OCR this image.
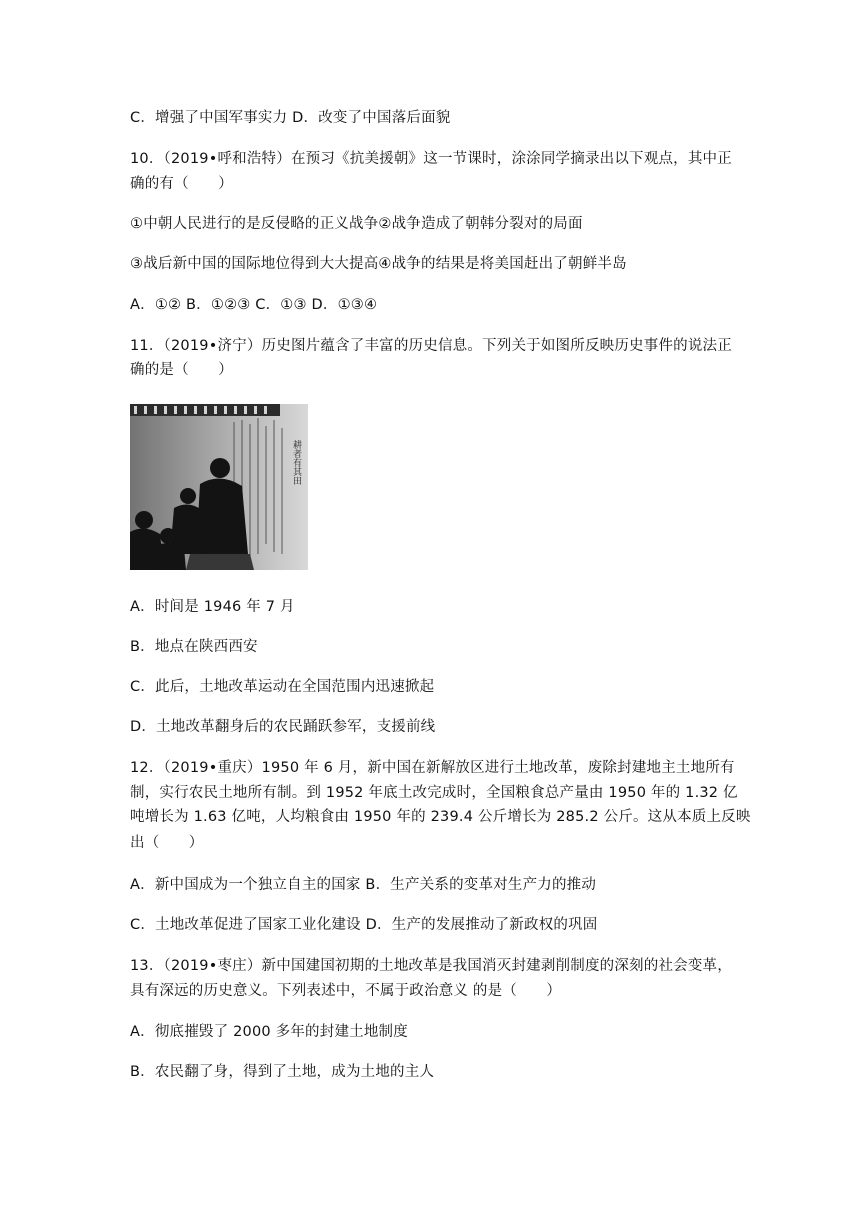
C．增强了中国军事实力 D．改变了中国落后面貌
10．（2019•呼和浩特）在预习《抗美援朝》这一节课时，涂涂同学摘录出以下观点，其中正
确的有（　　）
①中朝人民进行的是反侵略的正义战争②战争造成了朝韩分裂对的局面
③战后新中国的国际地位得到大大提高④战争的结果是将美国赶出了朝鲜半岛
A．①② B．①②③ C．①③ D．①③④
11．（2019•济宁）历史图片蕴含了丰富的历史信息。下列关于如图所反映历史事件的说法正
确的是（　　）
耕者有其田
A．时间是 1946 年 7 月
B．地点在陕西西安
C．此后，土地改革运动在全国范围内迅速掀起
D．土地改革翻身后的农民踊跃参军，支援前线
12．（2019•重庆）1950 年 6 月，新中国在新解放区进行土地改革，废除封建地主土地所有
制，实行农民土地所有制。到 1952 年底土改完成时，全国粮食总产量由 1950 年的 1.32 亿
吨增长为 1.63 亿吨，人均粮食由 1950 年的 239.4 公斤增长为 285.2 公斤。这从本质上反映
出（　　）
A．新中国成为一个独立自主的国家 B．生产关系的变革对生产力的推动
C．土地改革促进了国家工业化建设 D．生产的发展推动了新政权的巩固
13．（2019•枣庄）新中国建国初期的土地改革是我国消灭封建剥削制度的深刻的社会变革，
具有深远的历史意义。下列表述中，不属于政治意义 的是（　　）
A．彻底摧毁了 2000 多年的封建土地制度
B．农民翻了身，得到了土地，成为土地的主人
